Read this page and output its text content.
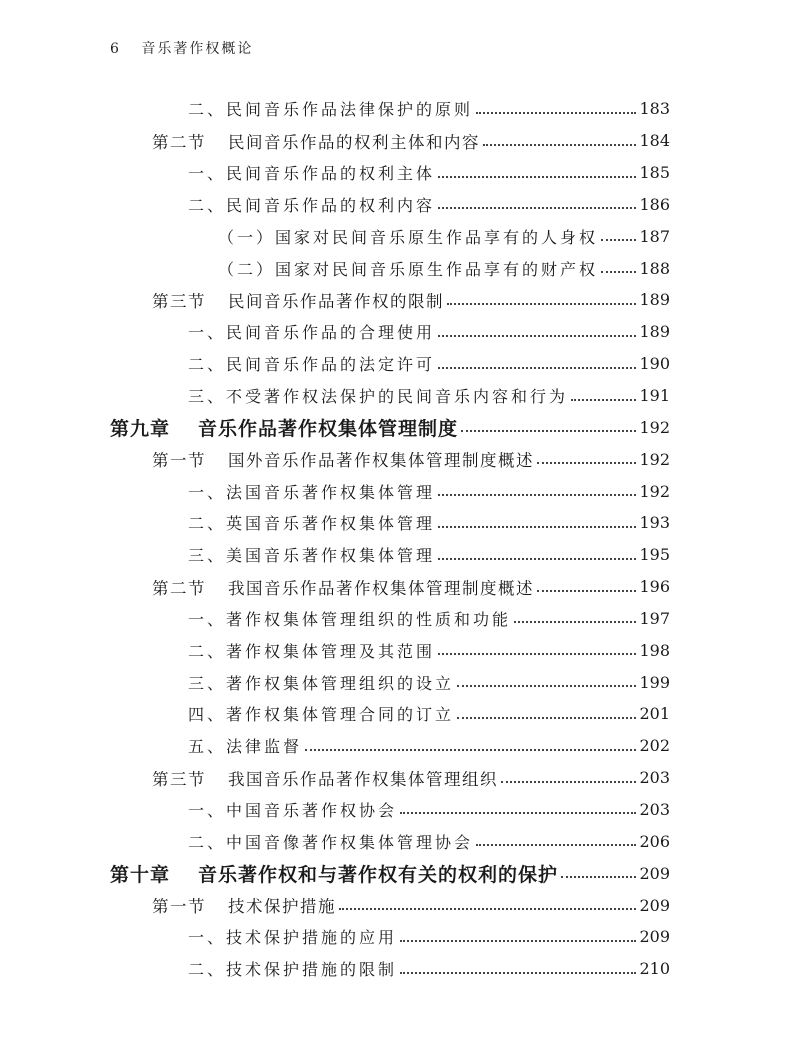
6 音乐著作权概论
二、民间音乐作品法律保护的原则	183
第二节 民间音乐作品的权利主体和内容	184
一、民间音乐作品的权利主体	185
二、民间音乐作品的权利内容	186
（一）国家对民间音乐原生作品享有的人身权	187
（二）国家对民间音乐原生作品享有的财产权	188
第三节 民间音乐作品著作权的限制	189
一、民间音乐作品的合理使用	189
二、民间音乐作品的法定许可	190
三、不受著作权法保护的民间音乐内容和行为	191
第九章 音乐作品著作权集体管理制度	192
第一节 国外音乐作品著作权集体管理制度概述	192
一、法国音乐著作权集体管理	192
二、英国音乐著作权集体管理	193
三、美国音乐著作权集体管理	195
第二节 我国音乐作品著作权集体管理制度概述	196
一、著作权集体管理组织的性质和功能	197
二、著作权集体管理及其范围	198
三、著作权集体管理组织的设立	199
四、著作权集体管理合同的订立	201
五、法律监督	202
第三节 我国音乐作品著作权集体管理组织	203
一、中国音乐著作权协会	203
二、中国音像著作权集体管理协会	206
第十章 音乐著作权和与著作权有关的权利的保护	209
第一节 技术保护措施	209
一、技术保护措施的应用	209
二、技术保护措施的限制	210
